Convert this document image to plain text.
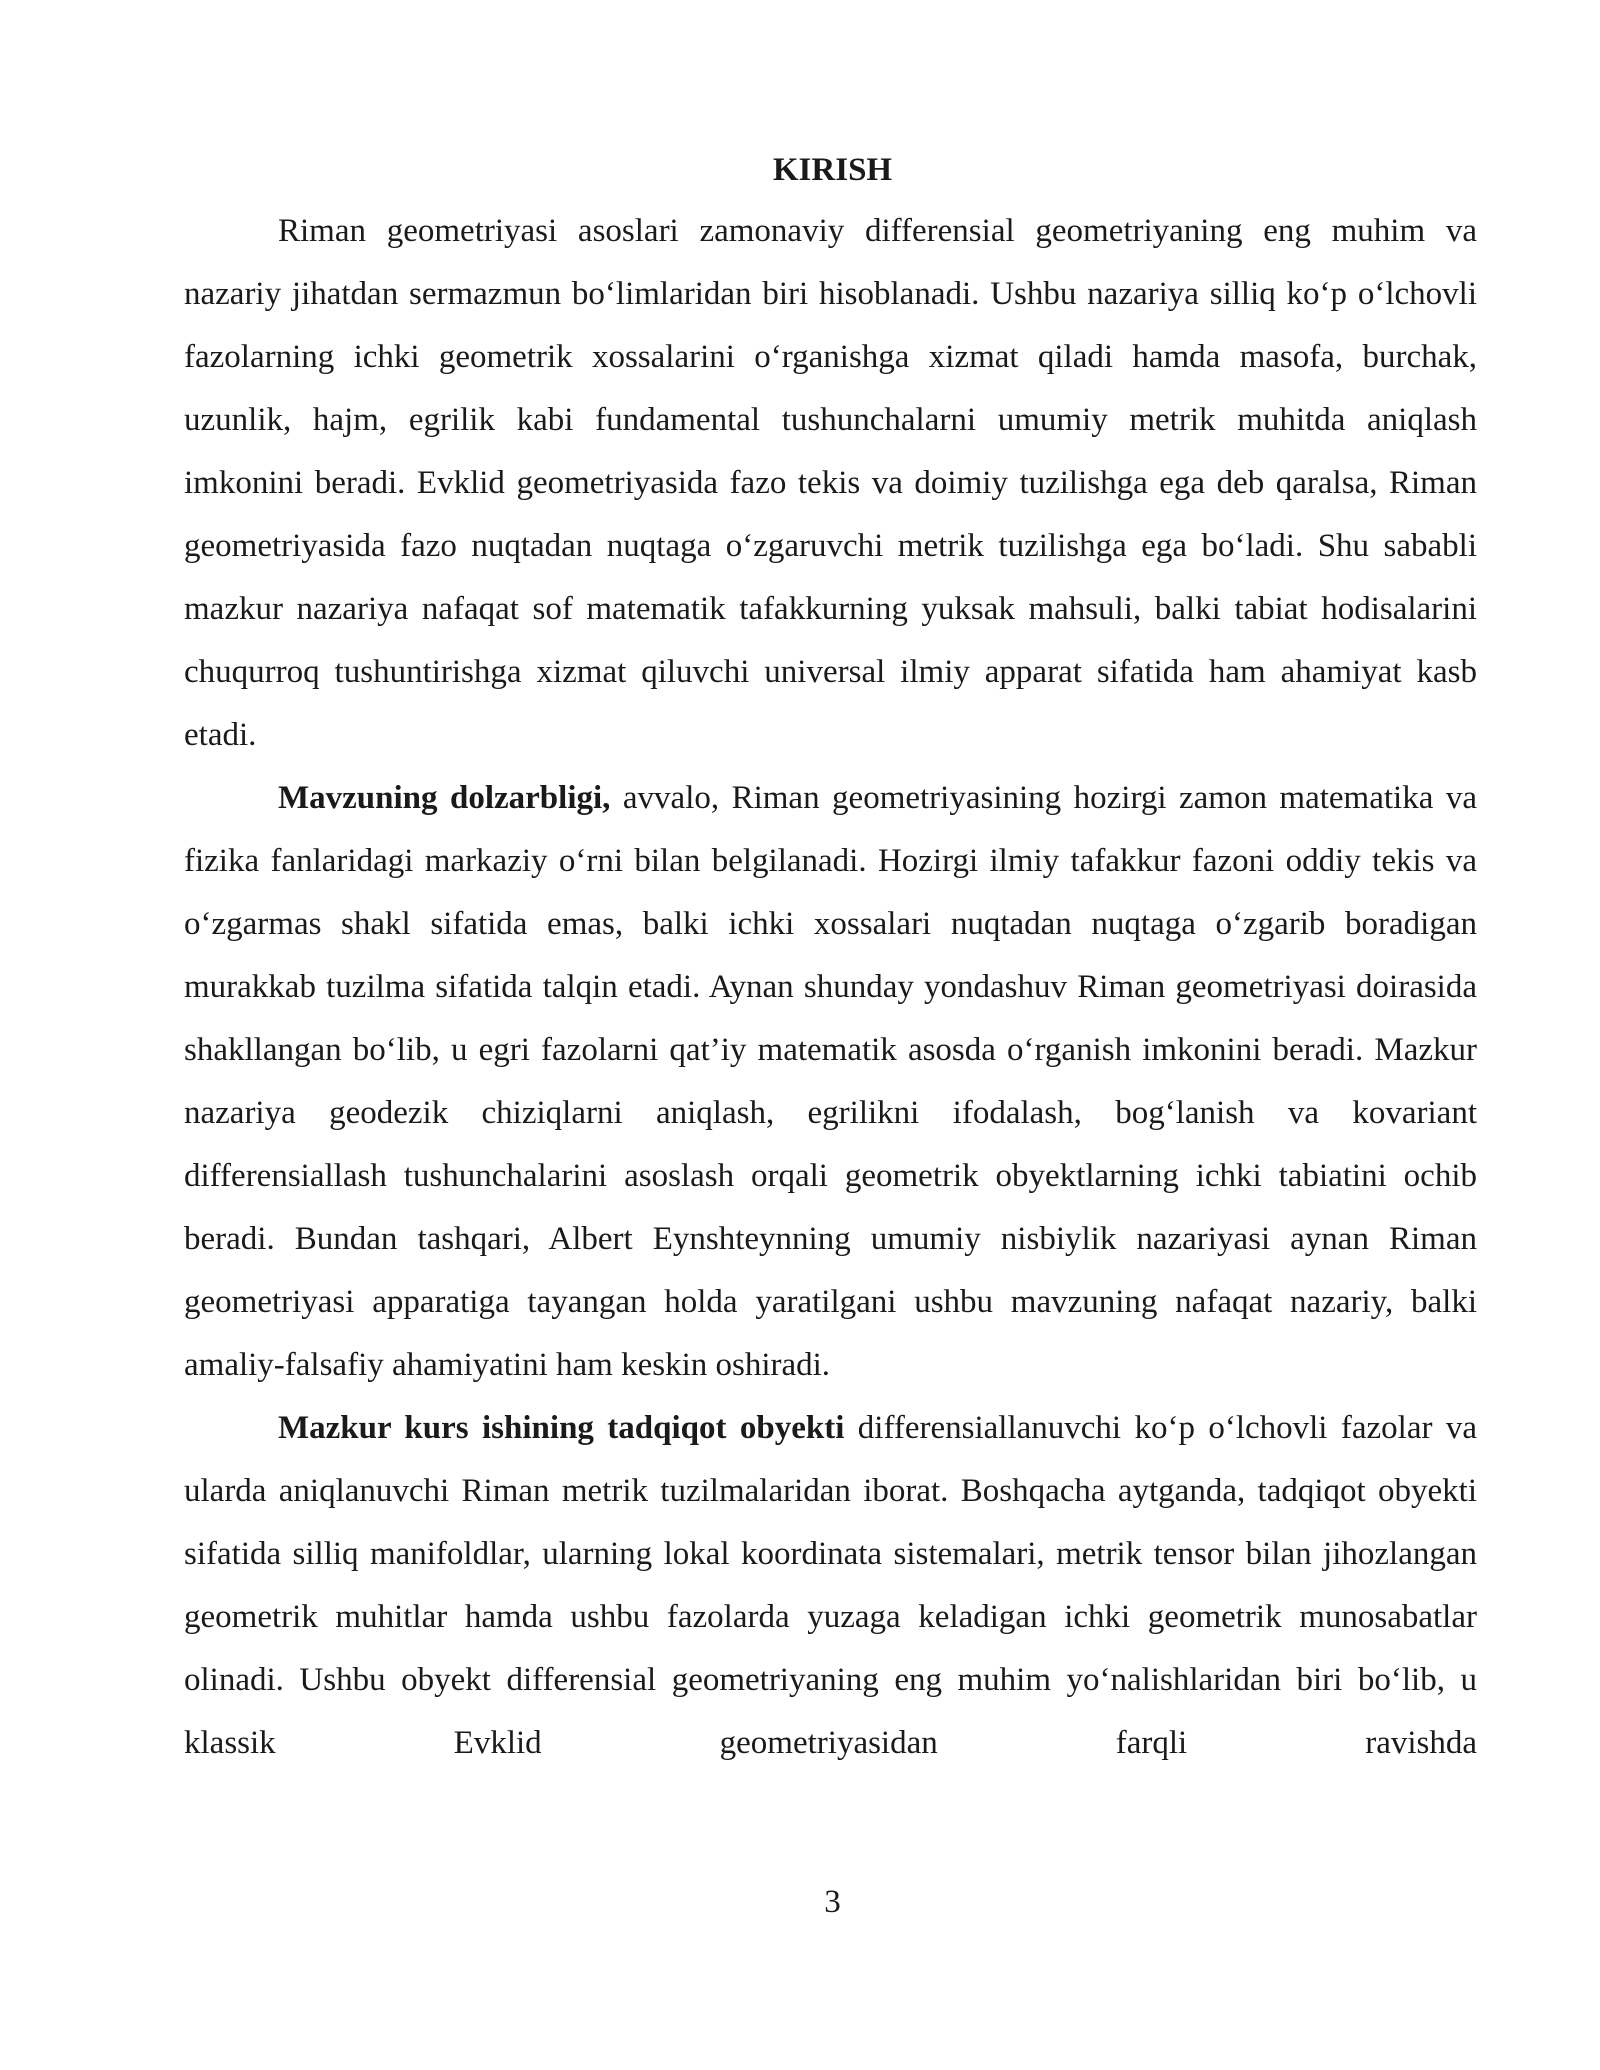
KIRISH

Riman geometriyasi asoslari zamonaviy differensial geometriyaning eng muhim va nazariy jihatdan sermazmun bo‘limlaridan biri hisoblanadi. Ushbu nazariya silliq ko‘p o‘lchovli fazolarning ichki geometrik xossalarini o‘rganishga xizmat qiladi hamda masofa, burchak, uzunlik, hajm, egrilik kabi fundamental tushunchalarni umumiy metrik muhitda aniqlash imkonini beradi. Evklid geometriyasida fazo tekis va doimiy tuzilishga ega deb qaralsa, Riman geometriyasida fazo nuqtadan nuqtaga o‘zgaruvchi metrik tuzilishga ega bo‘ladi. Shu sababli mazkur nazariya nafaqat sof matematik tafakkurning yuksak mahsuli, balki tabiat hodisalarini chuqurroq tushuntirishga xizmat qiluvchi universal ilmiy apparat sifatida ham ahamiyat kasb etadi.

Mavzuning dolzarbligi, avvalo, Riman geometriyasining hozirgi zamon matematika va fizika fanlaridagi markaziy o‘rni bilan belgilanadi. Hozirgi ilmiy tafakkur fazoni oddiy tekis va o‘zgarmas shakl sifatida emas, balki ichki xossalari nuqtadan nuqtaga o‘zgarib boradigan murakkab tuzilma sifatida talqin etadi. Aynan shunday yondashuv Riman geometriyasi doirasida shakllangan bo‘lib, u egri fazolarni qat’iy matematik asosda o‘rganish imkonini beradi. Mazkur nazariya geodezik chiziqlarni aniqlash, egrilikni ifodalash, bog‘lanish va kovariant differensiallash tushunchalarini asoslash orqali geometrik obyektlarning ichki tabiatini ochib beradi. Bundan tashqari, Albert Eynshteynning umumiy nisbiylik nazariyasi aynan Riman geometriyasi apparatiga tayangan holda yaratilgani ushbu mavzuning nafaqat nazariy, balki amaliy-falsafiy ahamiyatini ham keskin oshiradi.

Mazkur kurs ishining tadqiqot obyekti differensiallanuvchi ko‘p o‘lchovli fazolar va ularda aniqlanuvchi Riman metrik tuzilmalaridan iborat. Boshqacha aytganda, tadqiqot obyekti sifatida silliq manifoldlar, ularning lokal koordinata sistemalari, metrik tensor bilan jihozlangan geometrik muhitlar hamda ushbu fazolarda yuzaga keladigan ichki geometrik munosabatlar olinadi. Ushbu obyekt differensial geometriyaning eng muhim yo‘nalishlaridan biri bo‘lib, u klassik Evklid geometriyasidan farqli ravishda

3
